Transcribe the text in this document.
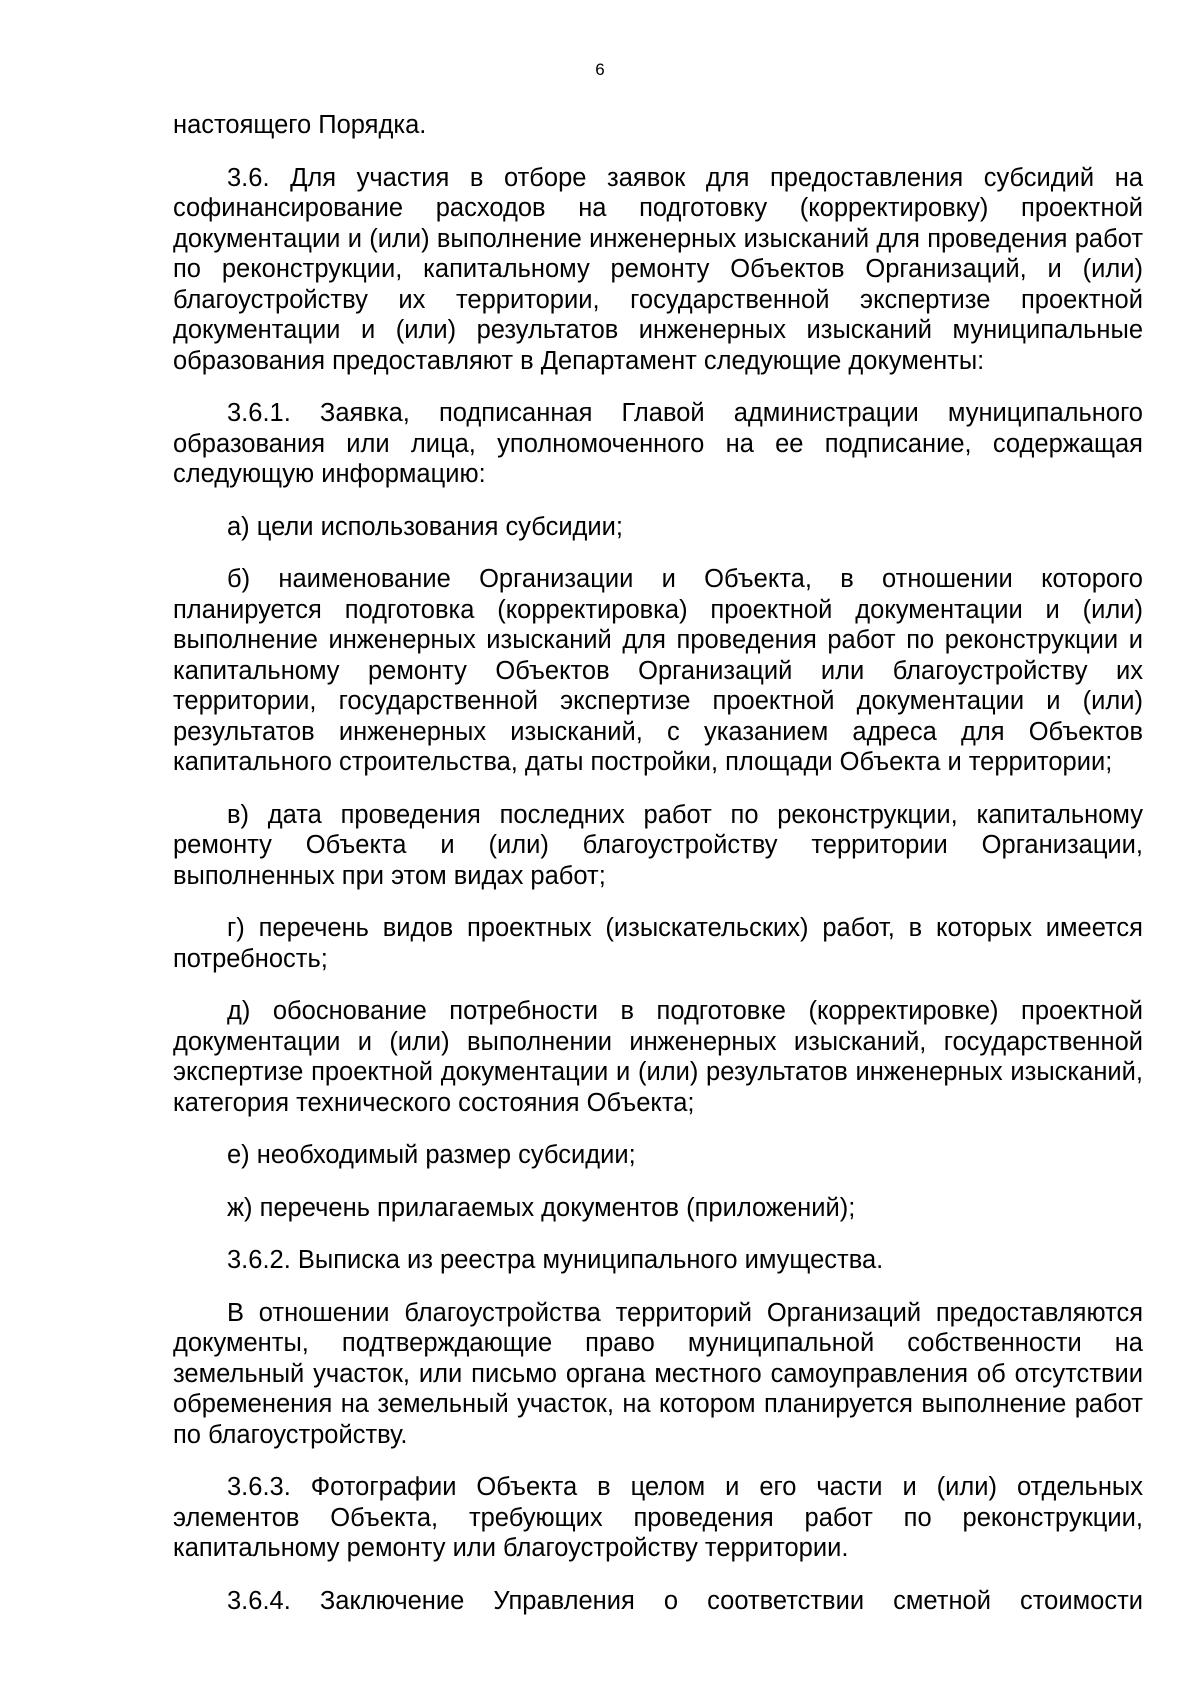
6

настоящего Порядка.

3.6. Для участия в отборе заявок для предоставления субсидий на софинансирование расходов на подготовку (корректировку) проектной документации и (или) выполнение инженерных изысканий для проведения работ по реконструкции, капитальному ремонту Объектов Организаций, и (или) благоустройству их территории, государственной экспертизе проектной документации и (или) результатов инженерных изысканий муниципальные образования предоставляют в Департамент следующие документы:

3.6.1. Заявка, подписанная Главой администрации муниципального образования или лица, уполномоченного на ее подписание, содержащая следующую информацию:

а) цели использования субсидии;

б) наименование Организации и Объекта, в отношении которого планируется подготовка (корректировка) проектной документации и (или) выполнение инженерных изысканий для проведения работ по реконструкции и капитальному ремонту Объектов Организаций или благоустройству их территории, государственной экспертизе проектной документации и (или) результатов инженерных изысканий, с указанием адреса для Объектов капитального строительства, даты постройки, площади Объекта и территории;

в) дата проведения последних работ по реконструкции, капитальному ремонту Объекта и (или) благоустройству территории Организации, выполненных при этом видах работ;

г) перечень видов проектных (изыскательских) работ, в которых имеется потребность;

д) обоснование потребности в подготовке (корректировке) проектной документации и (или) выполнении инженерных изысканий, государственной экспертизе проектной документации и (или) результатов инженерных изысканий, категория технического состояния Объекта;

е) необходимый размер субсидии;

ж) перечень прилагаемых документов (приложений);

3.6.2. Выписка из реестра муниципального имущества.

В отношении благоустройства территорий Организаций предоставляются документы, подтверждающие право муниципальной собственности на земельный участок, или письмо органа местного самоуправления об отсутствии обременения на земельный участок, на котором планируется выполнение работ по благоустройству.

3.6.3. Фотографии Объекта в целом и его части и (или) отдельных элементов Объекта, требующих проведения работ по реконструкции, капитальному ремонту или благоустройству территории.

3.6.4. Заключение Управления о соответствии сметной стоимости
